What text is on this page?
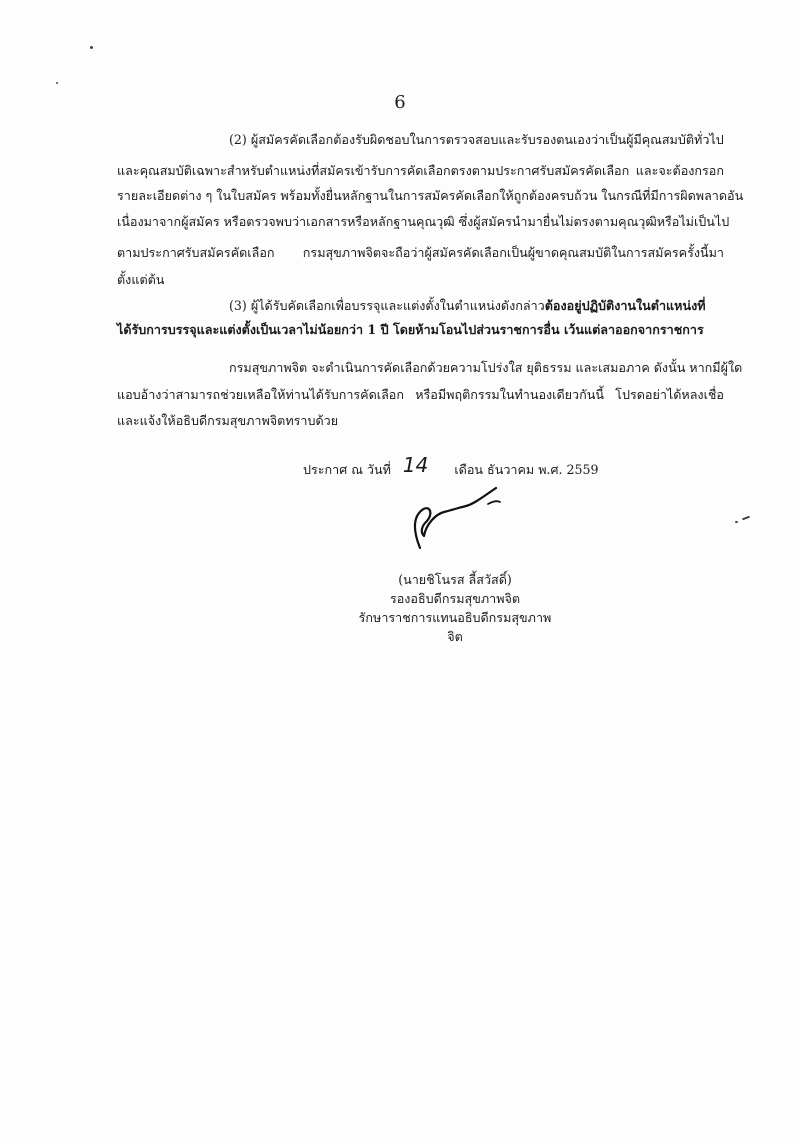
6
(2) ผู้สมัครคัดเลือกต้องรับผิดชอบในการตรวจสอบและรับรองตนเองว่าเป็นผู้มีคุณสมบัติทั่วไป
และคุณสมบัติเฉพาะสำหรับตำแหน่งที่สมัครเข้ารับการคัดเลือกตรงตามประกาศรับสมัครคัดเลือก และจะต้องกรอก
รายละเอียดต่าง ๆ ในใบสมัคร พร้อมทั้งยื่นหลักฐานในการสมัครคัดเลือกให้ถูกต้องครบถ้วน ในกรณีที่มีการผิดพลาดอัน
เนื่องมาจากผู้สมัคร หรือตรวจพบว่าเอกสารหรือหลักฐานคุณวุฒิ ซึ่งผู้สมัครนำมายื่นไม่ตรงตามคุณวุฒิหรือไม่เป็นไป
ตามประกาศรับสมัครคัดเลือก กรมสุขภาพจิตจะถือว่าผู้สมัครคัดเลือกเป็นผู้ขาดคุณสมบัติในการสมัครครั้งนี้มา
ตั้งแต่ต้น
(3) ผู้ได้รับคัดเลือกเพื่อบรรจุและแต่งตั้งในตำแหน่งดังกล่าวต้องอยู่ปฏิบัติงานในตำแหน่งที่
ได้รับการบรรจุและแต่งตั้งเป็นเวลาไม่น้อยกว่า 1 ปี โดยห้ามโอนไปส่วนราชการอื่น เว้นแต่ลาออกจากราชการ
กรมสุขภาพจิต จะดำเนินการคัดเลือกด้วยความโปร่งใส ยุติธรรม และเสมอภาค ดังนั้น หากมีผู้ใด
แอบอ้างว่าสามารถช่วยเหลือให้ท่านได้รับการคัดเลือก หรือมีพฤติกรรมในทำนองเดียวกันนี้ โปรดอย่าได้หลงเชื่อ
และแจ้งให้อธิบดีกรมสุขภาพจิตทราบด้วย
ประกาศ ณ วันที่ 14 เดือน ธันวาคม พ.ศ. 2559
(นายชิโนรส ลี้สวัสดิ์)
รองอธิบดีกรมสุขภาพจิต
รักษาราชการแทนอธิบดีกรมสุขภาพจิต
